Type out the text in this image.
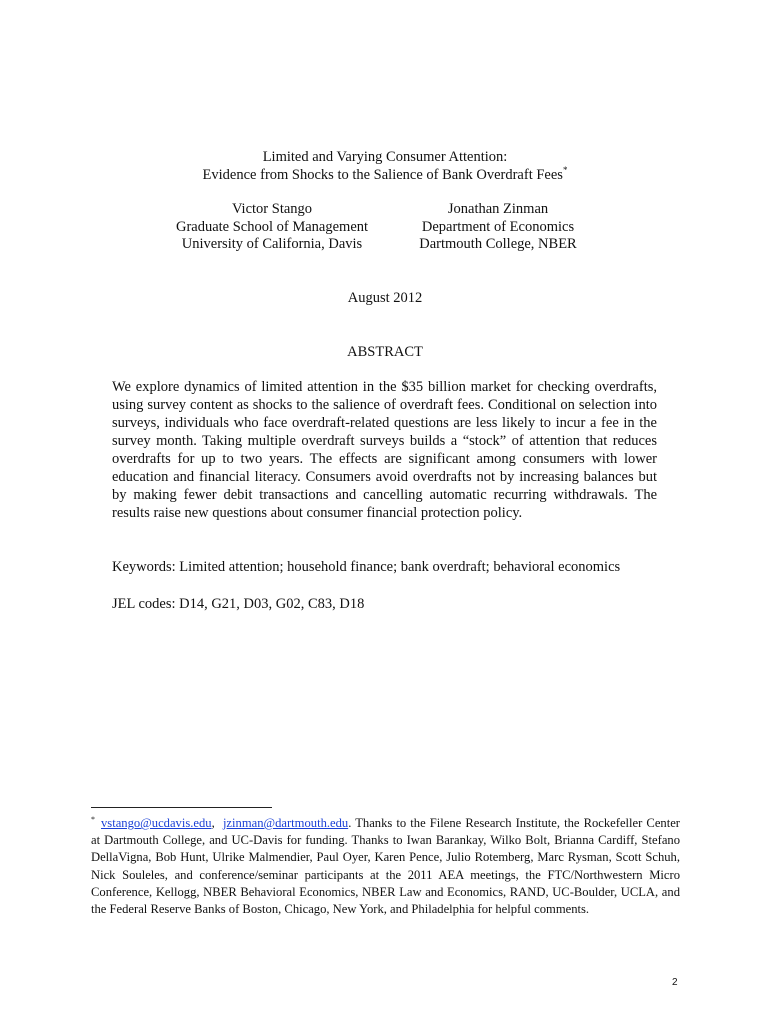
Limited and Varying Consumer Attention:
Evidence from Shocks to the Salience of Bank Overdraft Fees*
Victor Stango
Graduate School of Management
University of California, Davis
Jonathan Zinman
Department of Economics
Dartmouth College, NBER
August 2012
ABSTRACT

We explore dynamics of limited attention in the $35 billion market for checking overdrafts, using survey content as shocks to the salience of overdraft fees. Conditional on selection into surveys, individuals who face overdraft-related questions are less likely to incur a fee in the survey month. Taking multiple overdraft surveys builds a “stock” of attention that reduces overdrafts for up to two years. The effects are significant among consumers with lower education and financial literacy. Consumers avoid overdrafts not by increasing balances but by making fewer debit transactions and cancelling automatic recurring withdrawals. The results raise new questions about consumer financial protection policy.

Keywords: Limited attention; household finance; bank overdraft; behavioral economics

JEL codes: D14, G21, D03, G02, C83, D18

* vstango@ucdavis.edu, jzinman@dartmouth.edu. Thanks to the Filene Research Institute, the Rockefeller Center at Dartmouth College, and UC-Davis for funding. Thanks to Iwan Barankay, Wilko Bolt, Brianna Cardiff, Stefano DellaVigna, Bob Hunt, Ulrike Malmendier, Paul Oyer, Karen Pence, Julio Rotemberg, Marc Rysman, Scott Schuh, Nick Souleles, and conference/seminar participants at the 2011 AEA meetings, the FTC/Northwestern Micro Conference, Kellogg, NBER Behavioral Economics, NBER Law and Economics, RAND, UC-Boulder, UCLA, and the Federal Reserve Banks of Boston, Chicago, New York, and Philadelphia for helpful comments.

2
